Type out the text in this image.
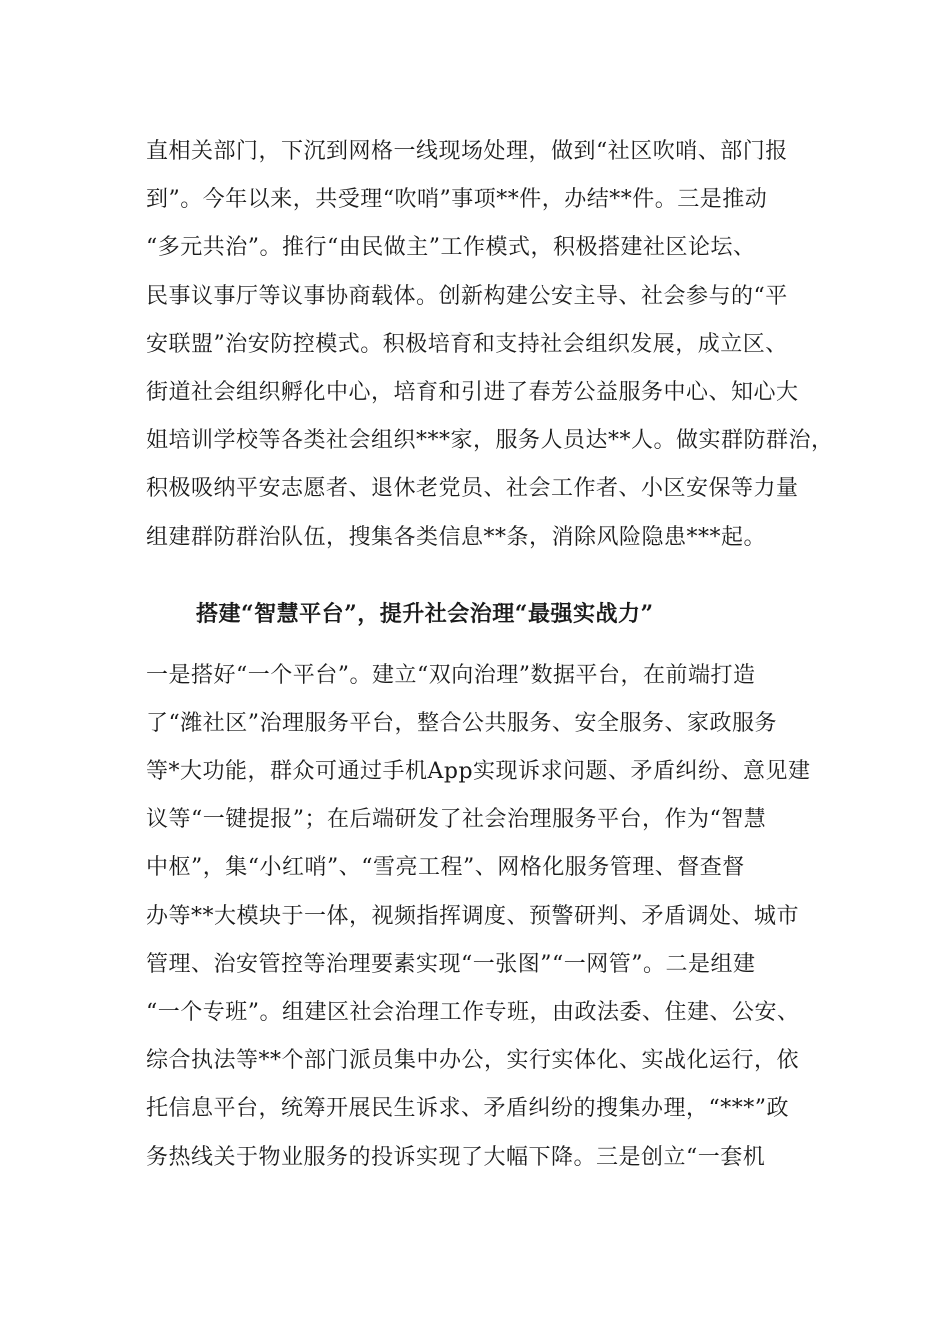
直相关部门，下沉到网格一线现场处理，做到“社区吹哨、部门报
到”。今年以来，共受理“吹哨”事项**件，办结**件。三是推动
“多元共治”。推行“由民做主”工作模式，积极搭建社区论坛、
民事议事厅等议事协商载体。创新构建公安主导、社会参与的“平
安联盟”治安防控模式。积极培育和支持社会组织发展，成立区、
街道社会组织孵化中心，培育和引进了春芳公益服务中心、知心大
姐培训学校等各类社会组织***家，服务人员达**人。做实群防群治，
积极吸纳平安志愿者、退休老党员、社会工作者、小区安保等力量
组建群防群治队伍，搜集各类信息**条，消除风险隐患***起。
搭建“智慧平台”，提升社会治理“最强实战力”
一是搭好“一个平台”。建立“双向治理”数据平台，在前端打造
了“潍社区”治理服务平台，整合公共服务、安全服务、家政服务
等*大功能，群众可通过手机App实现诉求问题、矛盾纠纷、意见建
议等“一键提报”；在后端研发了社会治理服务平台，作为“智慧
中枢”，集“小红哨”、“雪亮工程”、网格化服务管理、督查督
办等**大模块于一体，视频指挥调度、预警研判、矛盾调处、城市
管理、治安管控等治理要素实现“一张图”“一网管”。二是组建
“一个专班”。组建区社会治理工作专班，由政法委、住建、公安、
综合执法等**个部门派员集中办公，实行实体化、实战化运行，依
托信息平台，统筹开展民生诉求、矛盾纠纷的搜集办理，“***”政
务热线关于物业服务的投诉实现了大幅下降。三是创立“一套机
